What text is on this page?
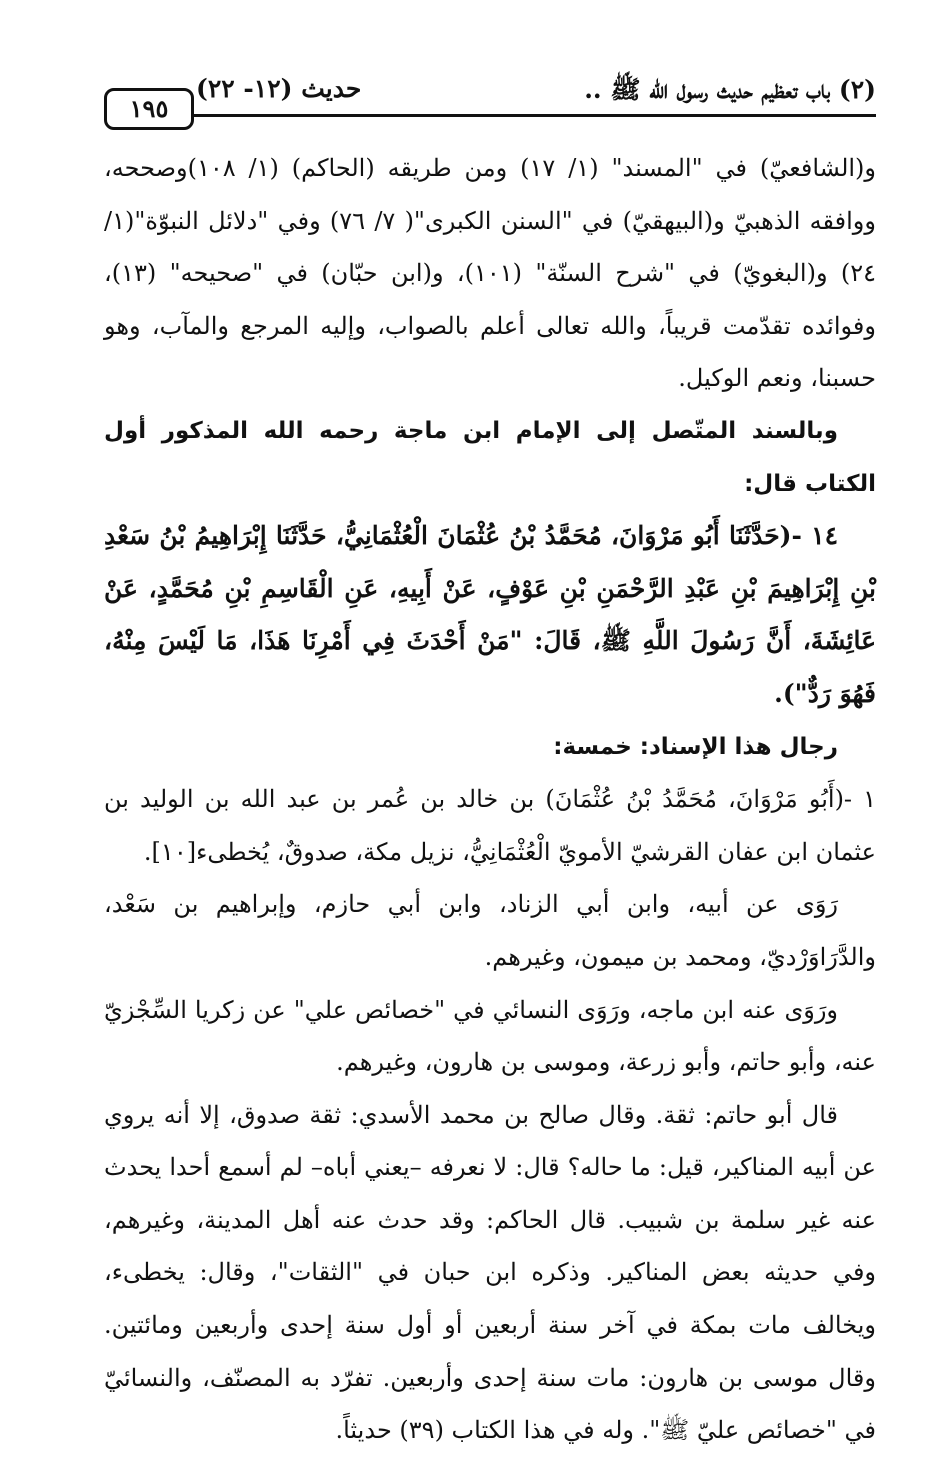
(٢) باب تعظيم حديث رسول الله ﷺ ..
حديث (١٢- ٢٢)
١٩٥

و(الشافعيّ) في "المسند" (١/ ١٧) ومن طريقه (الحاكم) (١/ ١٠٨)وصححه، ووافقه الذهبيّ و(البيهقيّ) في "السنن الكبرى"( ٧/ ٧٦) وفي "دلائل النبوّة"(١/ ٢٤) و(البغويّ) في "شرح السنّة" (١٠١)، و(ابن حبّان) في "صحيحه" (١٣)، وفوائده تقدّمت قريباً، والله تعالى أعلم بالصواب، وإليه المرجع والمآب، وهو حسبنا، ونعم الوكيل.

وبالسند المتّصل إلى الإمام ابن ماجة رحمه الله المذكور أول الكتاب قال:

١٤ -(حَدَّثَنَا أَبُو مَرْوَانَ، مُحَمَّدُ بْنُ عُثْمَانَ الْعُثْمَانِيُّ، حَدَّثَنَا إِبْرَاهِيمُ بْنُ سَعْدِ بْنِ إِبْرَاهِيمَ بْنِ عَبْدِ الرَّحْمَنِ بْنِ عَوْفٍ، عَنْ أَبِيهِ، عَنِ الْقَاسِمِ بْنِ مُحَمَّدٍ، عَنْ عَائِشَةَ، أَنَّ رَسُولَ اللَّهِ ﷺ، قَالَ: "مَنْ أَحْدَثَ فِي أَمْرِنَا هَذَا، مَا لَيْسَ مِنْهُ، فَهُوَ رَدٌّ").

رجال هذا الإسناد: خمسة:

١ -(أَبُو مَرْوَانَ، مُحَمَّدُ بْنُ عُثْمَانَ) بن خالد بن عُمر بن عبد الله بن الوليد بن عثمان ابن عفان القرشيّ الأمويّ الْعُثْمَانِيُّ، نزيل مكة، صدوقٌ، يُخطىء[١٠].

رَوَى عن أبيه، وابن أبي الزناد، وابن أبي حازم، وإبراهيم بن سَعْد، والدَّرَاوَرْديّ، ومحمد بن ميمون، وغيرهم.

ورَوَى عنه ابن ماجه، ورَوَى النسائي في "خصائص علي" عن زكريا السِّجْزيّ عنه، وأبو حاتم، وأبو زرعة، وموسى بن هارون، وغيرهم.

قال أبو حاتم: ثقة. وقال صالح بن محمد الأسدي: ثقة صدوق، إلا أنه يروي عن أبيه المناكير، قيل: ما حاله؟ قال: لا نعرفه –يعني أباه– لم أسمع أحدا يحدث عنه غير سلمة بن شبيب. قال الحاكم: وقد حدث عنه أهل المدينة، وغيرهم، وفي حديثه بعض المناكير. وذكره ابن حبان في "الثقات"، وقال: يخطىء، ويخالف مات بمكة في آخر سنة أربعين أو أول سنة إحدى وأربعين ومائتين. وقال موسى بن هارون: مات سنة إحدى وأربعين. تفرّد به المصنّف، والنسائيّ في "خصائص عليّ ﷺ". وله في هذا الكتاب (٣٩) حديثاً.
